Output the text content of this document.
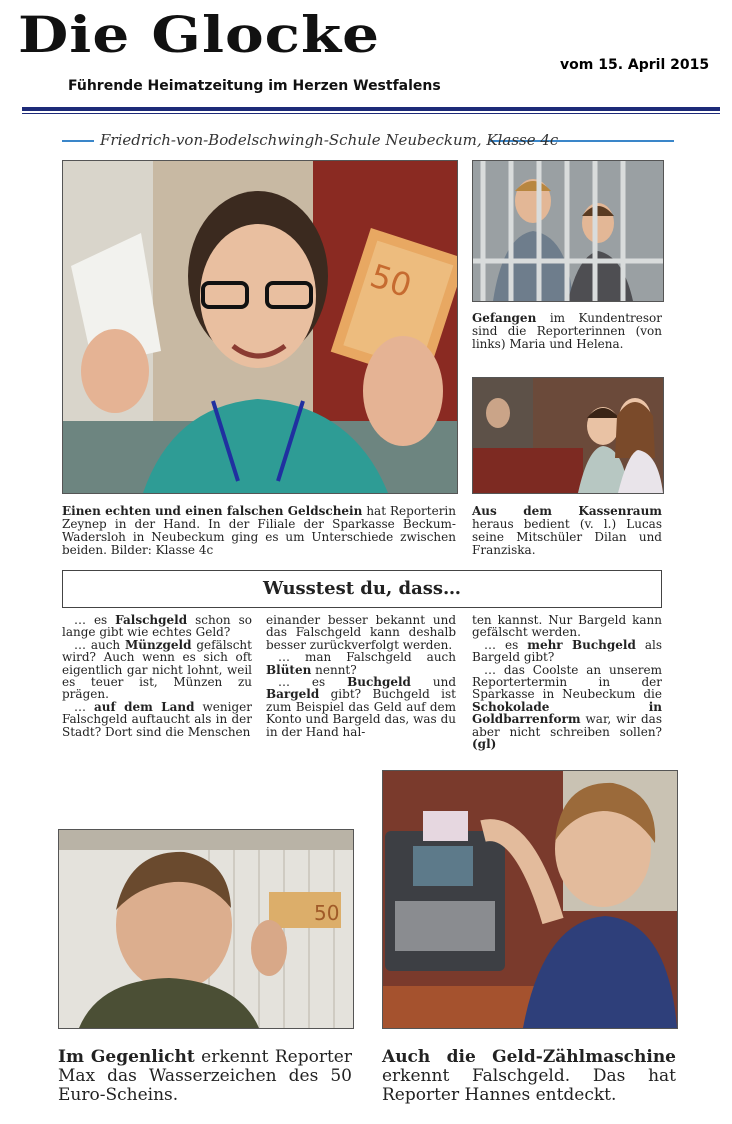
Die Glocke
Führende Heimatzeitung im Herzen Westfalens
vom 15. April 2015
Friedrich-von-Bodelschwingh-Schule Neubeckum, Klasse 4c
50
Gefangen im Kundentresor sind die Reporterinnen (von links) Maria und Helena.
Aus dem Kassenraum heraus bedient (v. l.) Lucas seine Mitschüler Dilan und Franziska.
Einen echten und einen falschen Geldschein hat Reporterin Zeynep in der Hand. In der Filiale der Sparkasse Beckum-Wadersloh in Neubeckum ging es um Unterschiede zwischen beiden. Bilder: Klasse 4c
Wusstest du, dass…

… es Falschgeld schon so lange gibt wie echtes Geld?

… auch Münzgeld gefälscht wird? Auch wenn es sich oft eigentlich gar nicht lohnt, weil es teuer ist, Münzen zu prägen.

… auf dem Land weniger Falschgeld auftaucht als in der Stadt? Dort sind die Menschen

einander besser bekannt und das Falschgeld kann deshalb besser zurückverfolgt werden.

… man Falschgeld auch Blüten nennt?

… es Buchgeld und Bargeld gibt? Buchgeld ist zum Beispiel das Geld auf dem Konto und Bargeld das, was du in der Hand hal-

ten kannst. Nur Bargeld kann gefälscht werden.

… es mehr Buchgeld als Bargeld gibt?

… das Coolste an unserem Reportertermin in der Sparkasse in Neubeckum die Schokolade in Goldbarrenform war, wir das aber nicht schreiben sollen? (gl)

50
Im Gegenlicht erkennt Reporter Max das Wasserzeichen des 50 Euro-Scheins.
Auch die Geld-Zählmaschine erkennt Falschgeld. Das hat Reporter Hannes entdeckt.
